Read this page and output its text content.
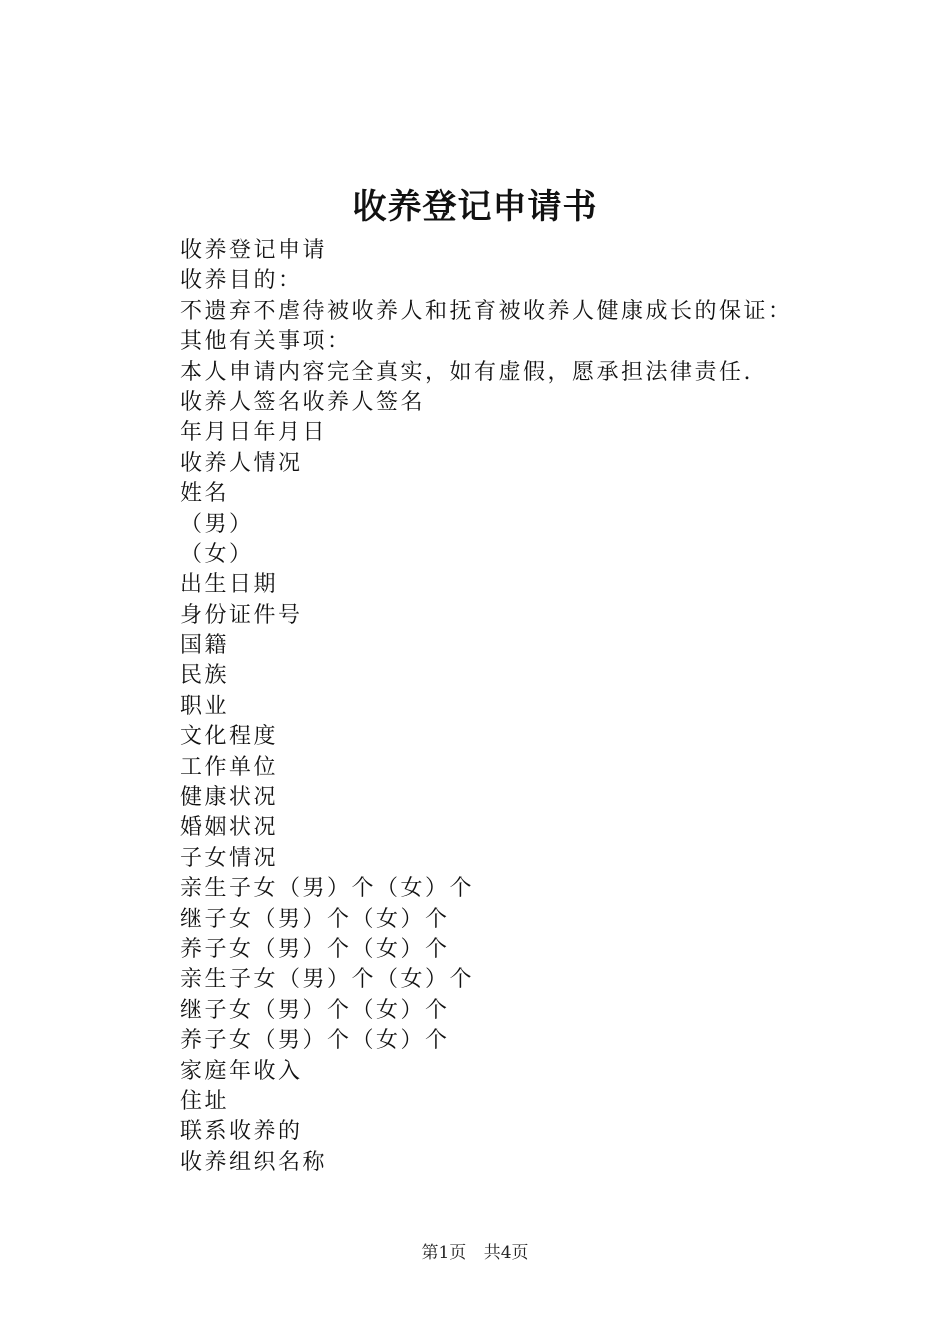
收养登记申请书
收养登记申请
收养目的：
不遗弃不虐待被收养人和抚育被收养人健康成长的保证：
其他有关事项：
本人申请内容完全真实，如有虚假，愿承担法律责任.
收养人签名收养人签名
年月日年月日
收养人情况
姓名
（男）
（女）
出生日期
身份证件号
国籍
民族
职业
文化程度
工作单位
健康状况
婚姻状况
子女情况
亲生子女（男）个（女）个
继子女（男）个（女）个
养子女（男）个（女）个
亲生子女（男）个（女）个
继子女（男）个（女）个
养子女（男）个（女）个
家庭年收入
住址
联系收养的
收养组织名称
第1页 共4页
